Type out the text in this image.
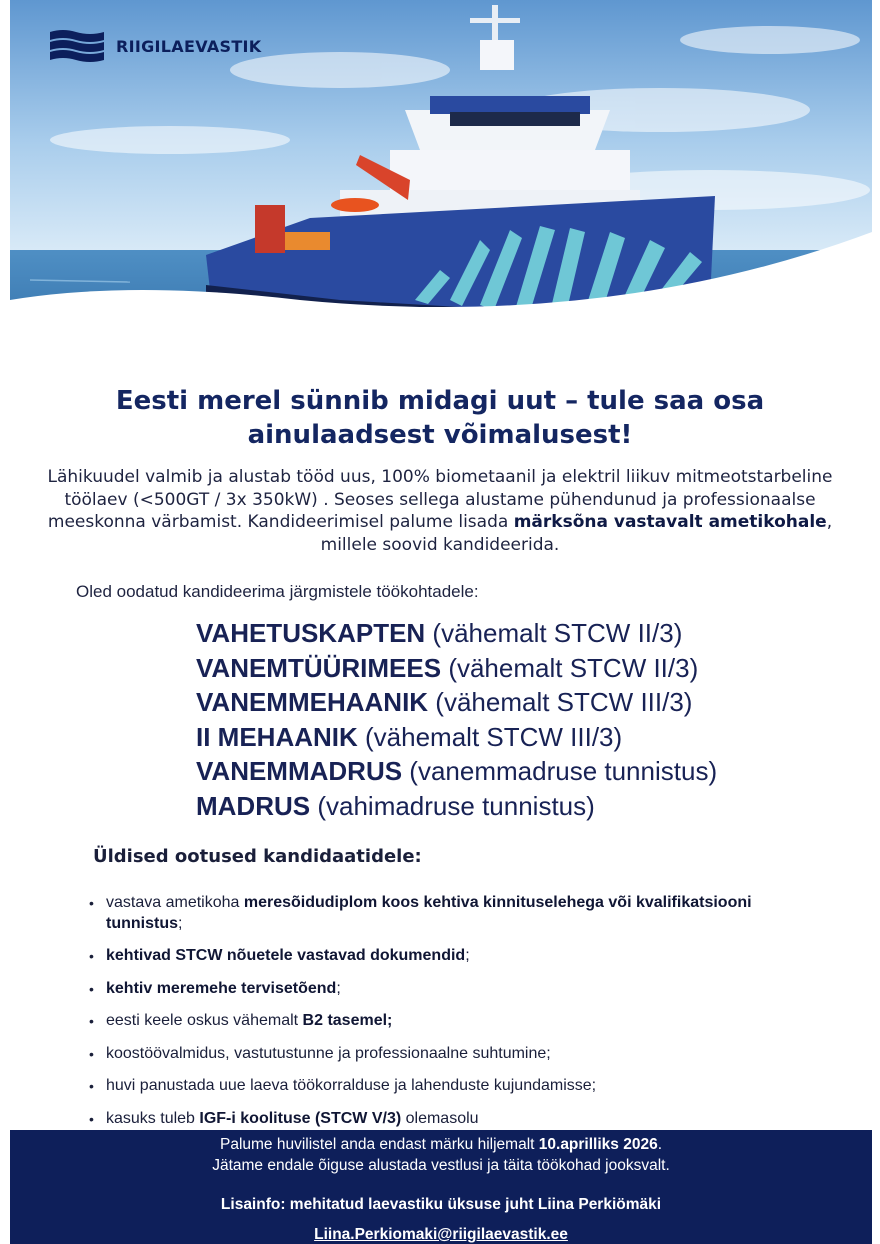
RIIGILAEVASTIK
Eesti merel sünnib midagi uut – tule saa osa
ainulaadsest võimalusest!
Lähikuudel valmib ja alustab tööd uus, 100% biometaanil ja elektril liikuv mitmeotstarbeline töölaev (<500GT / 3x 350kW) . Seoses sellega alustame pühendunud ja professionaalse meeskonna värbamist. Kandideerimisel palume lisada märksõna vastavalt ametikohale, millele soovid kandideerida.
Oled oodatud kandideerima järgmistele töökohtadele:
VAHETUSKAPTEN (vähemalt STCW II/3)
VANEMTÜÜRIMEES (vähemalt STCW II/3)
VANEMMEHAANIK (vähemalt STCW III/3)
II MEHAANIK (vähemalt STCW III/3)
VANEMMADRUS (vanemmadruse tunnistus)
MADRUS (vahimadruse tunnistus)
Üldised ootused kandidaatidele:
• vastava ametikoha meresõidudiplom koos kehtiva kinnituselehega või kvalifikatsiooni tunnistus;
• kehtivad STCW nõuetele vastavad dokumendid;
• kehtiv meremehe tervisetõend;
• eesti keele oskus vähemalt B2 tasemel;
• koostöövalmidus, vastutustunne ja professionaalne suhtumine;
• huvi panustada uue laeva töökorralduse ja lahenduste kujundamisse;
• kasuks tuleb IGF-i koolituse (STCW V/3) olemasolu
Palume huvilistel anda endast märku hiljemalt 10.aprilliks 2026.
Jätame endale õiguse alustada vestlusi ja täita töökohad jooksvalt.
Lisainfo: mehitatud laevastiku üksuse juht Liina Perkiömäki
Liina.Perkiomaki@riigilaevastik.ee
